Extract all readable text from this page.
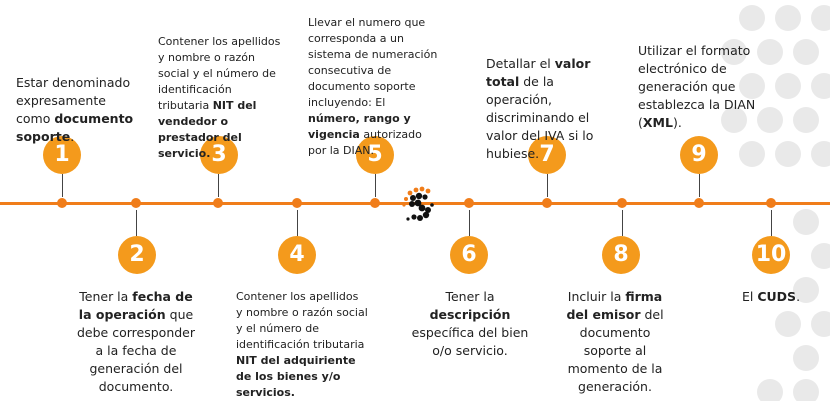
1
Estar denominado expresamente como documento soporte.
2
Tener la fecha de la operación que debe corresponder a la fecha de generación del documento.
3
Contener los apellidos y nombre o razón social y el número de identificación tributaria NIT del vendedor o prestador del servicio.
4
Contener los apellidos y nombre o razón social y el número de identificación tributaria NIT del adquiriente de los bienes y/o servicios.
5
Llevar el numero que corresponda a un sistema de numeración consecutiva de documento soporte incluyendo: El número, rango y vigencia autorizado por la DIAN.
6
Tener la descripción específica del bien o/o servicio.
7
Detallar el valor total de la operación, discriminando el valor del IVA si lo hubiese.
8
Incluir la firma del emisor del documento soporte al momento de la generación.
9
Utilizar el formato electrónico de generación que establezca la DIAN (XML).
10
El CUDS.
